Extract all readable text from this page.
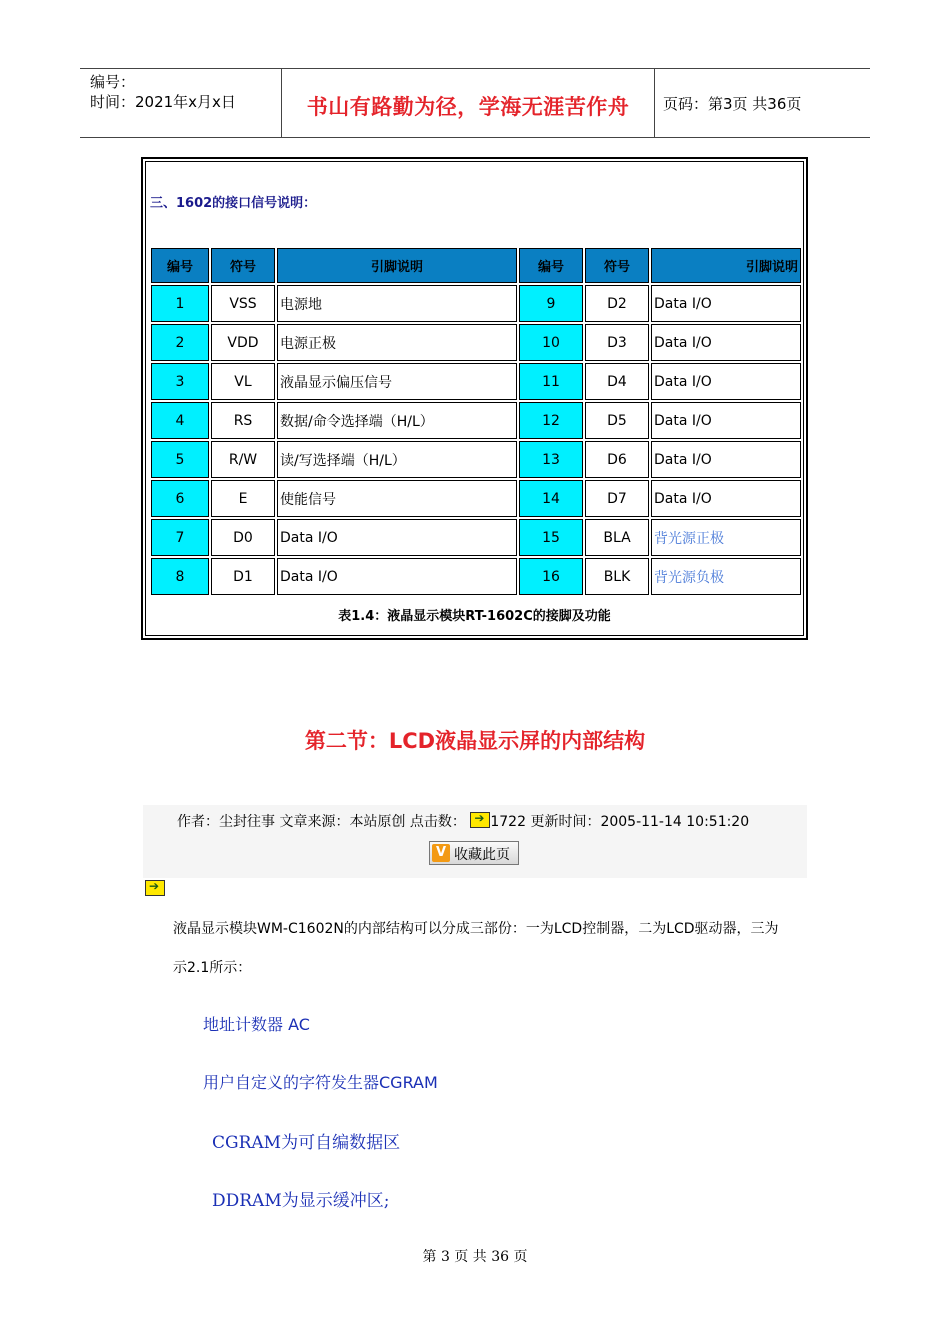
编号：
时间：2021年x月x日	书山有路勤为径，学海无涯苦作舟	页码：第3页 共36页
三、1602的接口信号说明：
编号	符号	引脚说明	编号	符号	引脚说明
1	VSS	电源地	9	D2	Data I/O
2	VDD	电源正极	10	D3	Data I/O
3	VL	液晶显示偏压信号	11	D4	Data I/O
4	RS	数据/命令选择端（H/L）	12	D5	Data I/O
5	R/W	读/写选择端（H/L）	13	D6	Data I/O
6	E	使能信号	14	D7	Data I/O
7	D0	Data I/O	15	BLA	背光源正极
8	D1	Data I/O	16	BLK	背光源负极
表1.4：液晶显示模块RT-1602C的接脚及功能
第二节：LCD液晶显示屏的内部结构
作者：尘封往事 文章来源：本站原创 点击数： ➔ 1722 更新时间：2005-11-14 10:51:20
V 收藏此页
➔
液晶显示模块WM-C1602N的内部结构可以分成三部份：一为LCD控制器，二为LCD驱动器，三为
示2.1所示：
地址计数器 AC
用户自定义的字符发生器CGRAM
CGRAM为可自编数据区
DDRAM为显示缓冲区;
第 3 页 共 36 页
